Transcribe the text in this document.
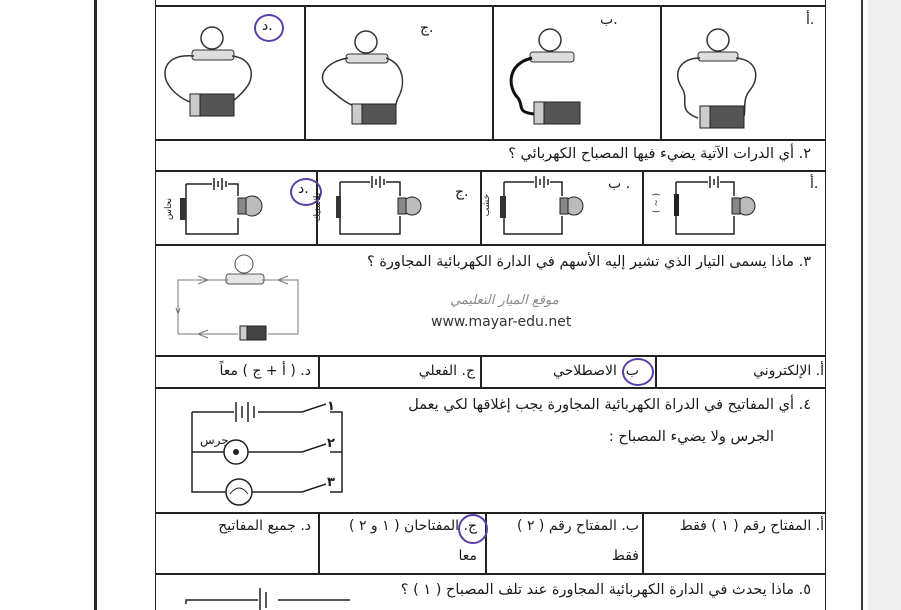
أ.
ب.
ج.
د.
٢. أي الدرات الآتية يضيء فيها المصباح الكهربائي ؟
أ.
ب .
ج.
د.
( ~ )
خشب
بلاستيك
نحاس
٣. ماذا يسمى التيار الذي تشير إليه الأسهم في الدارة الكهربائية المجاورة ؟
موقع الميار التعليمي
www.mayar-edu.net
أ. الإلكتروني
ب. الاصطلاحي
ج. الفعلي
د. ( أ + ج ) معاً
٤. أي المفاتيح في الدراة الكهربائية المجاورة يجب إغلاقها لكي يعمل
الجرس ولا يضيء المصباح :
جرس
١
٢
٣
أ. المفتاح رقم ( ١ ) فقط
ب. المفتاح رقم ( ٢ )
فقط
ج. المفتاحان ( ١ و ٢ )
معا
د. جميع المفاتيح
٥. ماذا يحدث في الدارة الكهربائية المجاورة عند تلف المصباح ( ١ ) ؟
